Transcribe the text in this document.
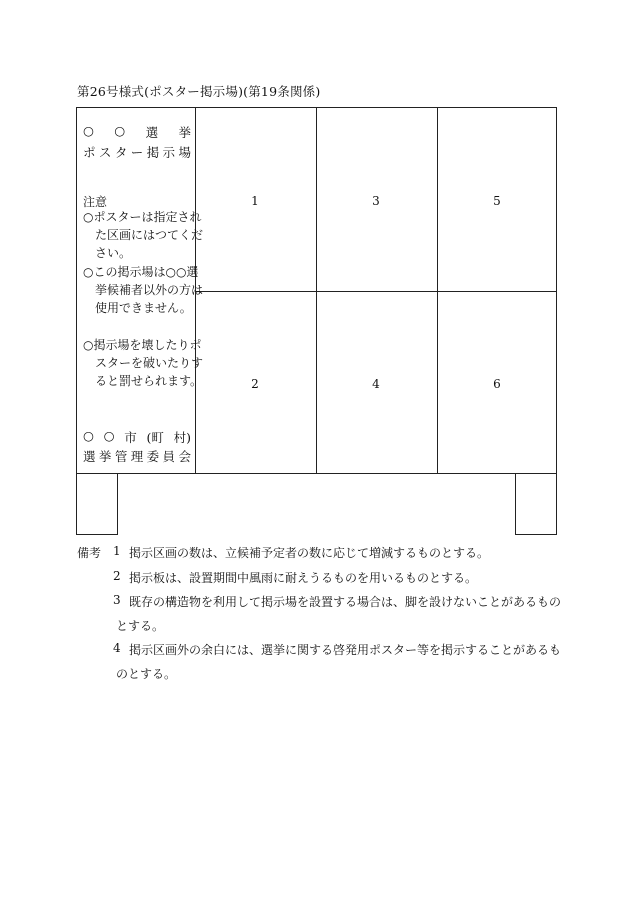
第26号様式(ポスター掲示場)(第19条関係)
○ ○ 選 挙
ポ ス タ ー 掲 示 場
注意
○ポスターは指定された区画にはつてください。
○この掲示場は○○選挙候補者以外の方は使用できません。
○掲示場を壊したりポスターを破いたりすると罰せられます。
○ ○ 市 (町 村)
選 挙 管 理 委 員 会
1	3	5
2	4	6
備考 1 掲示区画の数は、立候補予定者の数に応じて増減するものとする。
2 掲示板は、設置期間中風雨に耐えうるものを用いるものとする。
3 既存の構造物を利用して掲示場を設置する場合は、脚を設けないことがあるもの
とする。
4 掲示区画外の余白には、選挙に関する啓発用ポスター等を掲示することがあるも
のとする。
